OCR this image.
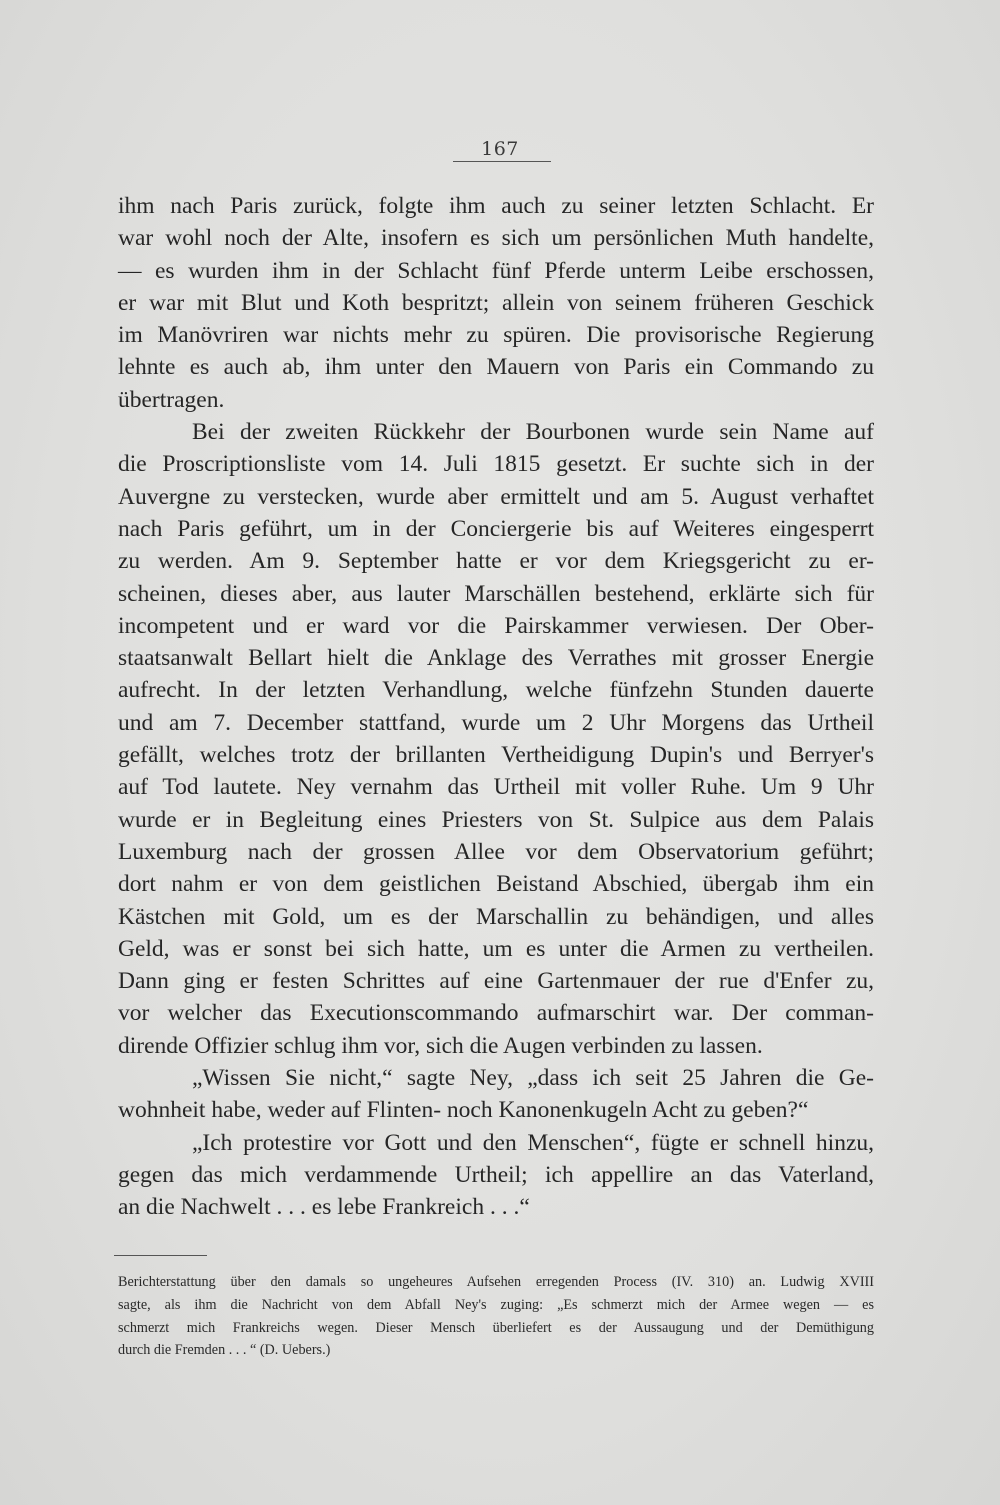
167
ihm nach Paris zurück, folgte ihm auch zu seiner letzten Schlacht. Er
war wohl noch der Alte, insofern es sich um persönlichen Muth handelte,
— es wurden ihm in der Schlacht fünf Pferde unterm Leibe erschossen,
er war mit Blut und Koth bespritzt; allein von seinem früheren Geschick
im Manövriren war nichts mehr zu spüren. Die provisorische Regierung
lehnte es auch ab, ihm unter den Mauern von Paris ein Commando zu
übertragen.
Bei der zweiten Rückkehr der Bourbonen wurde sein Name auf
die Proscriptionsliste vom 14. Juli 1815 gesetzt. Er suchte sich in der
Auvergne zu verstecken, wurde aber ermittelt und am 5. August verhaftet
nach Paris geführt, um in der Conciergerie bis auf Weiteres eingesperrt
zu werden. Am 9. September hatte er vor dem Kriegsgericht zu er-
scheinen, dieses aber, aus lauter Marschällen bestehend, erklärte sich für
incompetent und er ward vor die Pairskammer verwiesen. Der Ober-
staatsanwalt Bellart hielt die Anklage des Verrathes mit grosser Energie
aufrecht. In der letzten Verhandlung, welche fünfzehn Stunden dauerte
und am 7. December stattfand, wurde um 2 Uhr Morgens das Urtheil
gefällt, welches trotz der brillanten Vertheidigung Dupin's und Berryer's
auf Tod lautete. Ney vernahm das Urtheil mit voller Ruhe. Um 9 Uhr
wurde er in Begleitung eines Priesters von St. Sulpice aus dem Palais
Luxemburg nach der grossen Allee vor dem Observatorium geführt;
dort nahm er von dem geistlichen Beistand Abschied, übergab ihm ein
Kästchen mit Gold, um es der Marschallin zu behändigen, und alles
Geld, was er sonst bei sich hatte, um es unter die Armen zu vertheilen.
Dann ging er festen Schrittes auf eine Gartenmauer der rue d'Enfer zu,
vor welcher das Executionscommando aufmarschirt war. Der comman-
dirende Offizier schlug ihm vor, sich die Augen verbinden zu lassen.
„Wissen Sie nicht,“ sagte Ney, „dass ich seit 25 Jahren die Ge-
wohnheit habe, weder auf Flinten- noch Kanonenkugeln Acht zu geben?“
„Ich protestire vor Gott und den Menschen“, fügte er schnell hinzu,
gegen das mich verdammende Urtheil; ich appellire an das Vaterland,
an die Nachwelt . . . es lebe Frankreich . . .“
Berichterstattung über den damals so ungeheures Aufsehen erregenden Process (IV. 310) an. Ludwig XVIII
sagte, als ihm die Nachricht von dem Abfall Ney's zuging: „Es schmerzt mich der Armee wegen — es
schmerzt mich Frankreichs wegen. Dieser Mensch überliefert es der Aussaugung und der Demüthigung
durch die Fremden . . . “ (D. Uebers.)
